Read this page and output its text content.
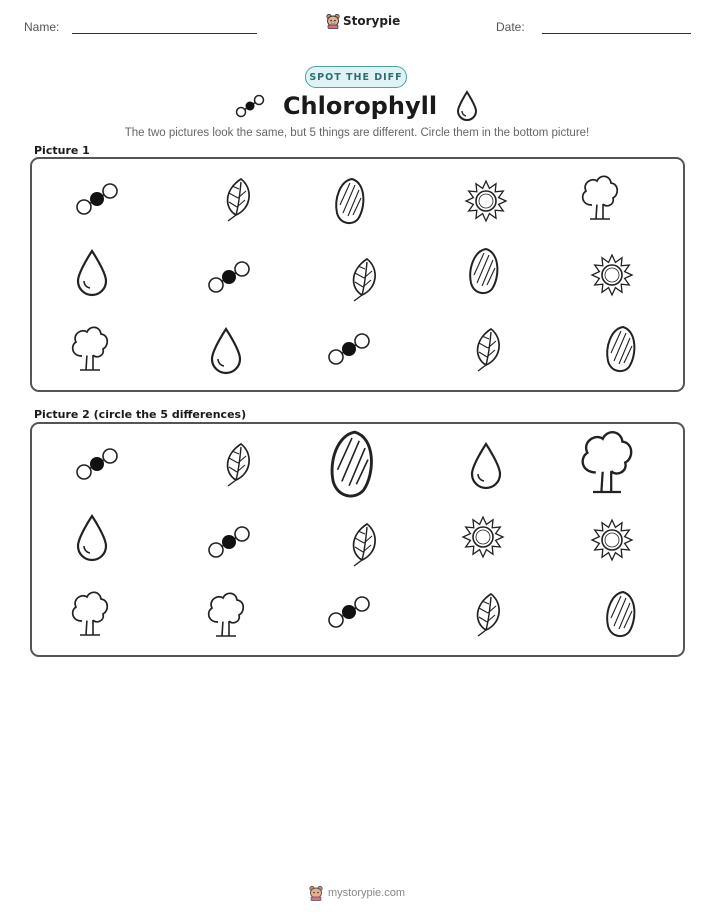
Name:	Storypie	Date:
SPOT THE DIFF
Chlorophyll
The two pictures look the same, but 5 things are different. Circle them in the bottom picture!
Picture 1
Picture 2 (circle the 5 differences)
mystorypie.com
